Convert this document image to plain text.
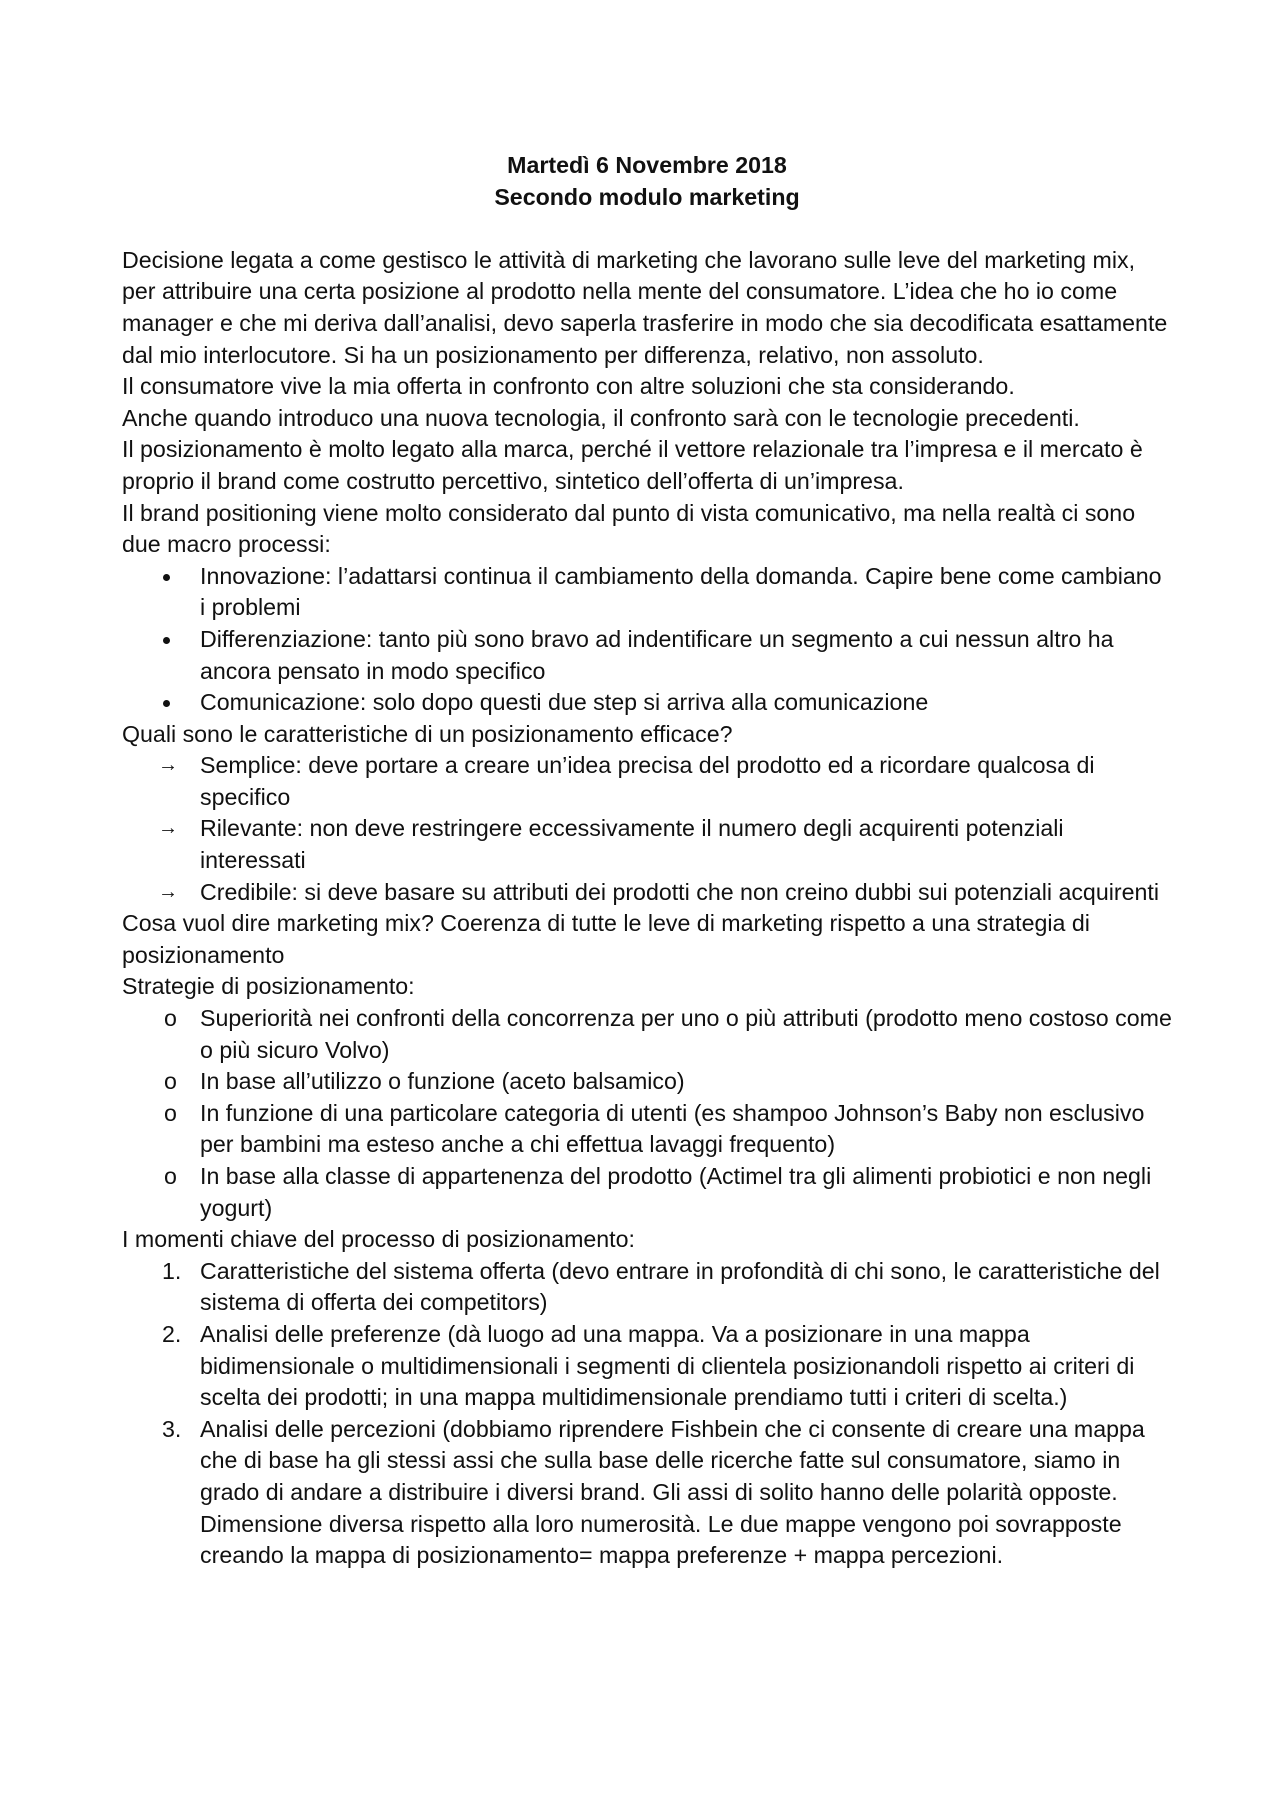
Martedì 6 Novembre 2018
Secondo modulo marketing

Decisione legata a come gestisco le attività di marketing che lavorano sulle leve del marketing mix, per attribuire una certa posizione al prodotto nella mente del consumatore. L’idea che ho io come manager e che mi deriva dall’analisi, devo saperla trasferire in modo che sia decodificata esattamente dal mio interlocutore. Si ha un posizionamento per differenza, relativo, non assoluto.

Il consumatore vive la mia offerta in confronto con altre soluzioni che sta considerando.

Anche quando introduco una nuova tecnologia, il confronto sarà con le tecnologie precedenti.

Il posizionamento è molto legato alla marca, perché il vettore relazionale tra l’impresa e il mercato è proprio il brand come costrutto percettivo, sintetico dell’offerta di un’impresa.

Il brand positioning viene molto considerato dal punto di vista comunicativo, ma nella realtà ci sono due macro processi:

Innovazione: l’adattarsi continua il cambiamento della domanda. Capire bene come cambiano i problemi
Differenziazione: tanto più sono bravo ad indentificare un segmento a cui nessun altro ha ancora pensato in modo specifico
Comunicazione: solo dopo questi due step si arriva alla comunicazione

Quali sono le caratteristiche di un posizionamento efficace?

→ Semplice: deve portare a creare un’idea precisa del prodotto ed a ricordare qualcosa di specifico
→ Rilevante: non deve restringere eccessivamente il numero degli acquirenti potenziali interessati
→ Credibile: si deve basare su attributi dei prodotti che non creino dubbi sui potenziali acquirenti

Cosa vuol dire marketing mix? Coerenza di tutte le leve di marketing rispetto a una strategia di posizionamento

Strategie di posizionamento:

o Superiorità nei confronti della concorrenza per uno o più attributi (prodotto meno costoso come o più sicuro Volvo)
o In base all’utilizzo o funzione (aceto balsamico)
o In funzione di una particolare categoria di utenti (es shampoo Johnson’s Baby non esclusivo per bambini ma esteso anche a chi effettua lavaggi frequento)
o In base alla classe di appartenenza del prodotto (Actimel tra gli alimenti probiotici e non negli yogurt)

I momenti chiave del processo di posizionamento:

1. Caratteristiche del sistema offerta (devo entrare in profondità di chi sono, le caratteristiche del sistema di offerta dei competitors)
2. Analisi delle preferenze (dà luogo ad una mappa. Va a posizionare in una mappa bidimensionale o multidimensionali i segmenti di clientela posizionandoli rispetto ai criteri di scelta dei prodotti; in una mappa multidimensionale prendiamo tutti i criteri di scelta.)
3. Analisi delle percezioni (dobbiamo riprendere Fishbein che ci consente di creare una mappa che di base ha gli stessi assi che sulla base delle ricerche fatte sul consumatore, siamo in grado di andare a distribuire i diversi brand. Gli assi di solito hanno delle polarità opposte. Dimensione diversa rispetto alla loro numerosità. Le due mappe vengono poi sovrapposte creando la mappa di posizionamento= mappa preferenze + mappa percezioni.
